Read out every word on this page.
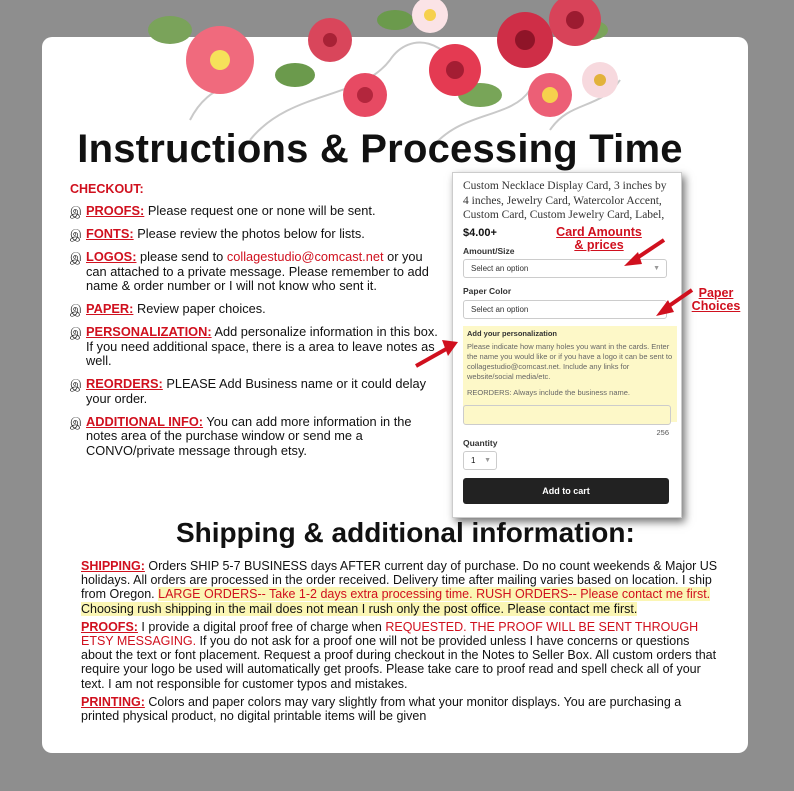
Instructions & Processing Time
CHECKOUT:
இ PROOFS: Please request one or none will be sent.
இ FONTS: Please review the photos below for lists.
இ LOGOS: please send to collagestudio@comcast.net or you can attached to a private message. Please remember to add name & order number or I will not know who sent it.
இ PAPER: Review paper choices.
இ PERSONALIZATION: Add personalize information in this box. If you need additional space, there is a area to leave notes as well.
இ REORDERS: PLEASE Add Business name or it could delay your order.
இ ADDITIONAL INFO: You can add more information in the notes area of the purchase window or send me a CONVO/private message through etsy.
Custom Necklace Display Card, 3 inches by 4 inches, Jewelry Card, Watercolor Accent, Custom Card, Custom Jewelry Card, Label,
$4.00+
Amount/Size
Select an option	▼
Paper Color
Select an option
Add your personalization
Please indicate how many holes you want in the cards. Enter the name you would like or if you have a logo it can be sent to collagestudio@comcast.net. Include any links for website/social media/etc.
REORDERS: Always include the business name.
256
Quantity
1 ▼
Add to cart
Card Amounts & prices
Paper Choices
Shipping & additional information:

SHIPPING: Orders SHIP 5-7 BUSINESS days AFTER current day of purchase. Do no count weekends & Major US holidays. All orders are processed in the order received. Delivery time after mailing varies based on location. I ship from Oregon. LARGE ORDERS-- Take 1-2 days extra processing time. RUSH ORDERS-- Please contact me first. Choosing rush shipping in the mail does not mean I rush only the post office. Please contact me first.

PROOFS: I provide a digital proof free of charge when REQUESTED. THE PROOF WILL BE SENT THROUGH ETSY MESSAGING. If you do not ask for a proof one will not be provided unless I have concerns or questions about the text or font placement. Request a proof during checkout in the Notes to Seller Box. All custom orders that require your logo be used will automatically get proofs. Please take care to proof read and spell check all of your text. I am not responsible for customer typos and mistakes.

PRINTING: Colors and paper colors may vary slightly from what your monitor displays. You are purchasing a printed physical product, no digital printable items will be given
